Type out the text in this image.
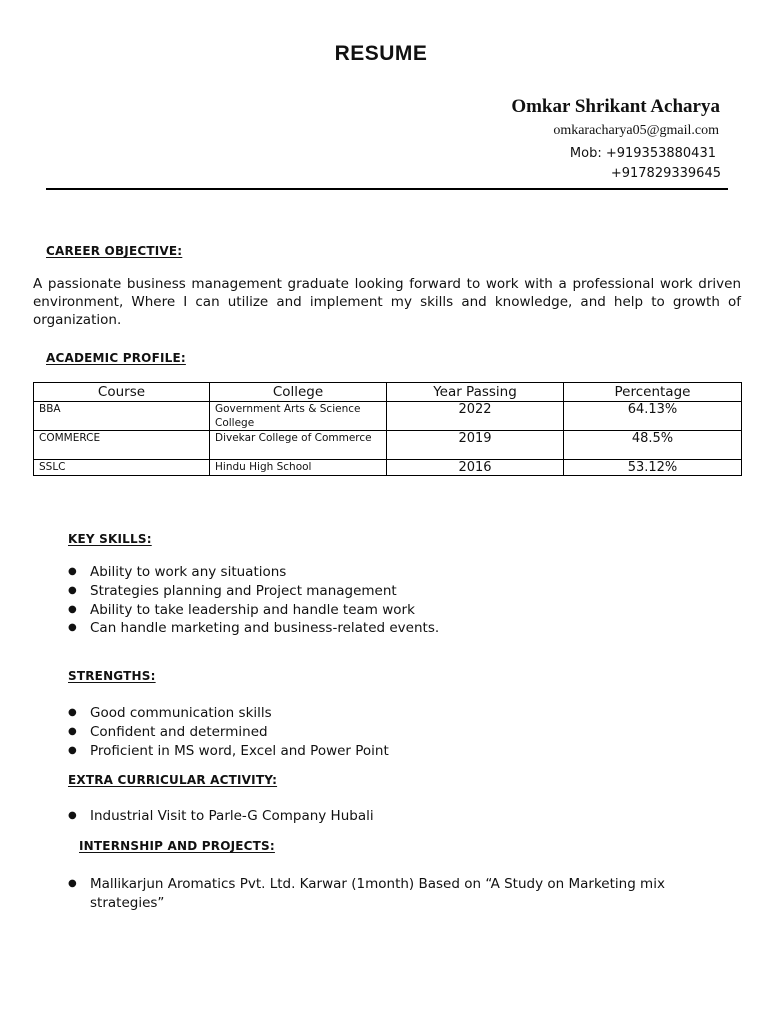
RESUME
Omkar Shrikant Acharya
omkaracharya05@gmail.com
Mob: +919353880431
+917829339645
CAREER OBJECTIVE:
A passionate business management graduate looking forward to work with a professional work driven environment, Where I can utilize and implement my skills and knowledge, and help to growth of organization.
ACADEMIC PROFILE:
Course	College	Year Passing	Percentage
BBA	Government Arts & Science College	2022	64.13%
COMMERCE	Divekar College of Commerce	2019	48.5%
SSLC	Hindu High School	2016	53.12%
KEY SKILLS:
● Ability to work any situations
● Strategies planning and Project management
● Ability to take leadership and handle team work
● Can handle marketing and business-related events.
STRENGTHS:
● Good communication skills
● Confident and determined
● Proficient in MS word, Excel and Power Point
EXTRA CURRICULAR ACTIVITY:
● Industrial Visit to Parle-G Company Hubali
INTERNSHIP AND PROJECTS:
● Mallikarjun Aromatics Pvt. Ltd. Karwar (1month) Based on “A Study on Marketing mix strategies”
